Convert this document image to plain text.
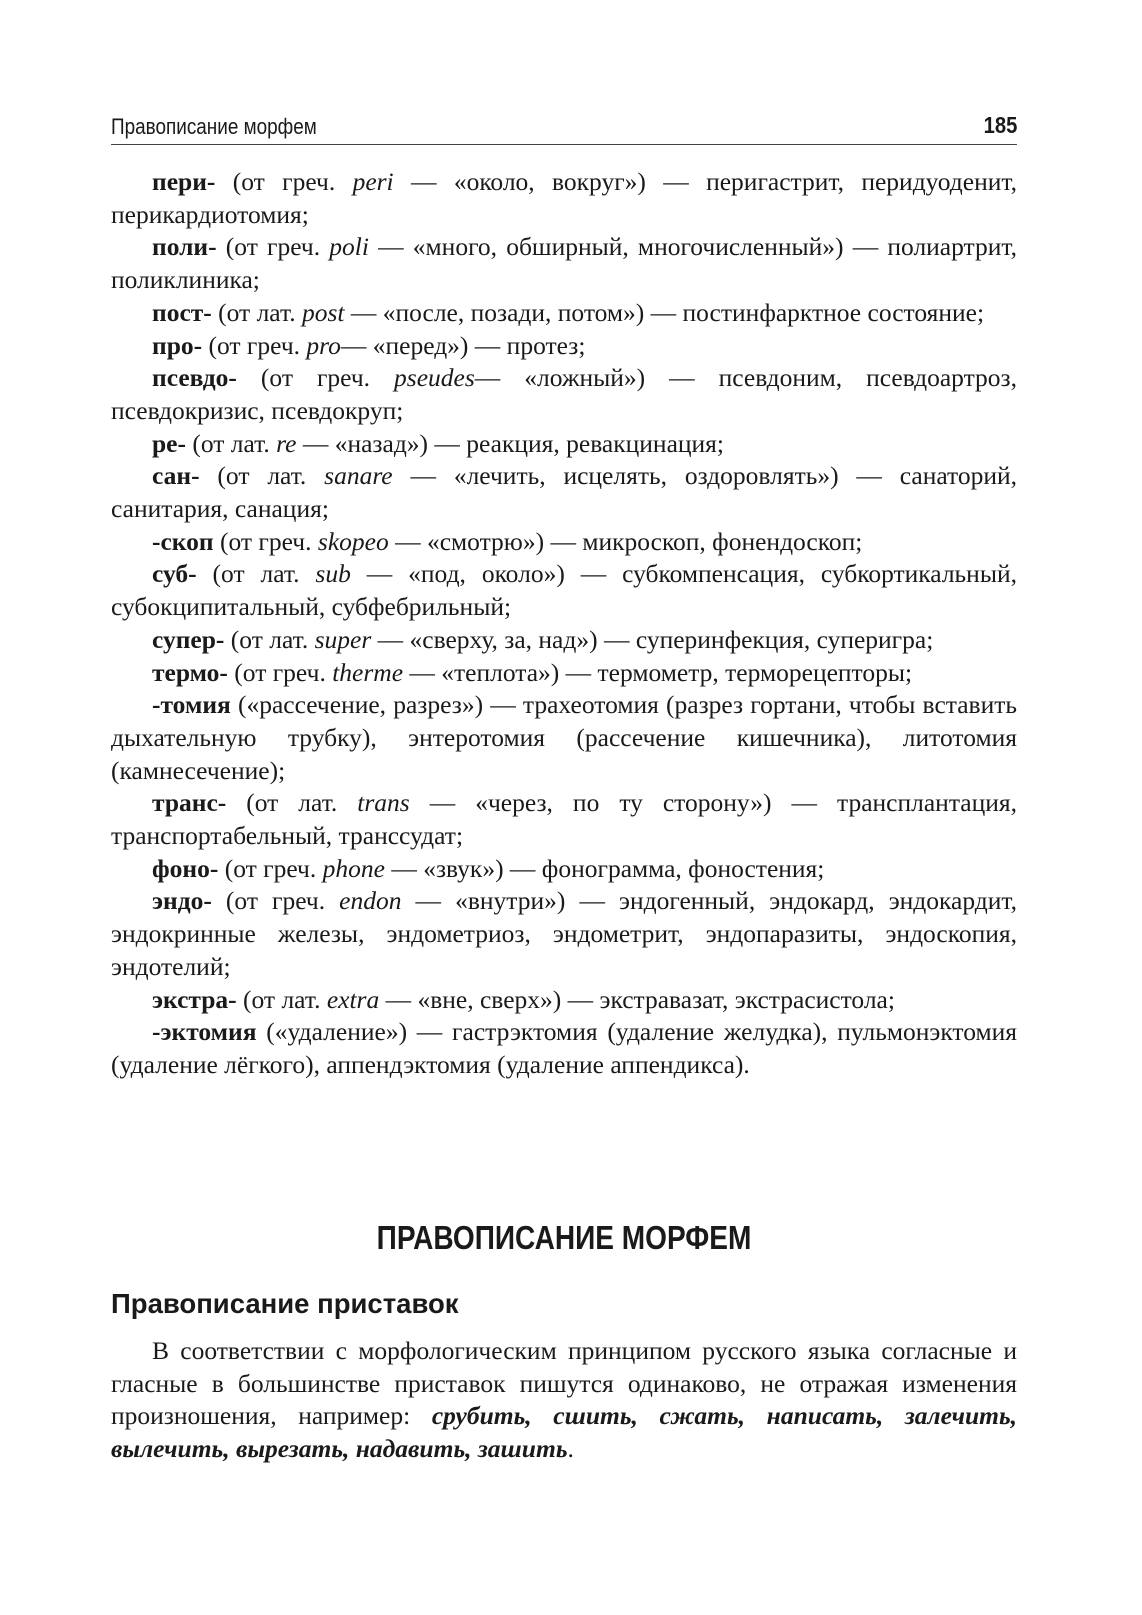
Правописание морфем	185

пери- (от греч. peri — «около, вокруг») — перигастрит, перидуоденит, перикардиотомия;

поли- (от греч. poli — «много, обширный, многочисленный») — полиартрит, поликлиника;

пост- (от лат. post — «после, позади, потом») — постинфарктное состояние;

про- (от греч. pro— «перед») — протез;

псевдо- (от греч. pseudes— «ложный») — псевдоним, псевдоартроз, псевдокризис, псевдокруп;

ре- (от лат. re — «назад») — реакция, ревакцинация;

сан- (от лат. sanare — «лечить, исцелять, оздоровлять») — санаторий, санитария, санация;

-скоп (от греч. skopeo — «смотрю») — микроскоп, фонендоскоп;

суб- (от лат. sub — «под, около») — субкомпенсация, субкортикальный, субокципитальный, субфебрильный;

супер- (от лат. super — «сверху, за, над») — суперинфекция, суперигра;

термо- (от греч. therme — «теплота») — термометр, терморецепторы;

-томия («рассечение, разрез») — трахеотомия (разрез гортани, чтобы вставить дыхательную трубку), энтеротомия (рассечение кишечника), литотомия (камнесечение);

транс- (от лат. trans — «через, по ту сторону») — трансплантация, транспортабельный, транссудат;

фоно- (от греч. phone — «звук») — фонограмма, фоностения;

эндо- (от греч. endon — «внутри») — эндогенный, эндокард, эндокардит, эндокринные железы, эндометриоз, эндометрит, эндопаразиты, эндоскопия, эндотелий;

экстра- (от лат. extra — «вне, сверх») — экстравазат, экстрасистола;

-эктомия («удаление») — гастрэктомия (удаление желудка), пульмонэктомия (удаление лёгкого), аппендэктомия (удаление аппендикса).

ПРАВОПИСАНИЕ МОРФЕМ
Правописание приставок

В соответствии с морфологическим принципом русского языка согласные и гласные в большинстве приставок пишутся одинаково, не отражая изменения произношения, например: срубить, сшить, сжать, написать, залечить, вылечить, вырезать, надавить, зашить.
